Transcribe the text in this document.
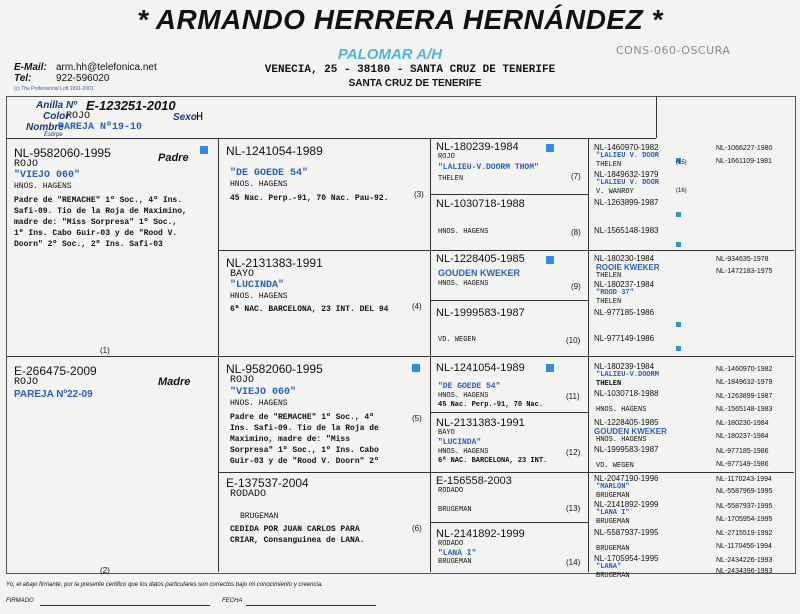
* ARMANDO HERRERA HERNÁNDEZ *
PALOMAR A/H	CONS-060-OSCURA
E-Mail: arm.hh@telefonica.net
Tel: 922-596020
(c) The Professional Loft 1991-2001
VENECIA, 25 - 38180 - SANTA CRUZ DE TENERIFE
SANTA CRUZ DE TENERIFE
Anilla Nº E-123251-2010
Color
ROJO
Nombre
PAREJA Nº19-10
Estirpe
Sexo H
NL-9582060-1995	Padre
ROJO
"VIEJO 060"
HNOS. HAGENS
Padre de "REMACHE" 1º Soc., 4º Ins.
Safi-09. Tio de la Roja de Maximino,
madre de: "Miss Sorpresa" 1º Soc.,
1º Ins. Cabo Guir-03 y de "Rood V.
Doorn" 2º Soc., 2º Ins. Safi-03
(1)
E-266475-2009
ROJO	Madre
PAREJA Nº22-09
(2)
NL-1241054-1989
"DE GOEDE 54"
HNOS. HAGENS
45 Nac. Perp.-91, 70 Nac. Pau-92.	(3)
NL-2131383-1991
BAYO
"LUCINDA"
HNOS. HAGENS
6ª NAC. BARCELONA, 23 INT. DEL 94	(4)
NL-9582060-1995
ROJO
"VIEJO 060"
HNOS. HAGENS
Padre de "REMACHE" 1º Soc., 4º
Ins. Safi-09. Tio de la Roja de
Maximino, madre de: "Miss
Sorpresa" 1º Soc., 1º Ins. Cabo
Guir-03 y de "Rood V. Doorn" 2º
(5)
E-137537-2004
RODADO
BRUGEMAN
CEDIDA POR JUAN CARLOS PARA
CRIAR, Consanguinea de LANA.
(6)
NL-180239-1984
ROJO
"LALIEU-V.DOORM THOM"
THELEN	(7)
NL-1030718-1988
HNOS. HAGENS	(8)
NL-1228405-1985
GOUDEN KWEKER
HNOS. HAGENS	(9)
NL-1999583-1987
VD. WEGEN	(10)
NL-1241054-1989
"DE GOEDE 54"
HNOS. HAGENS
45 Nac. Perp.-91, 70 Nac.
(11)
NL-2131383-1991
BAYO
"LUCINDA"
HNOS. HAGENS
6ª NAC. BARCELONA, 23 INT.
(12)
E-156558-2003
RODADO
BRUGEMAN	(13)
NL-2141892-1999
RODADO
"LANA I"
BRUGEMAN	(14)
NL-1460970-1982
"LALIEU V. DOOR
THELEN	(15)
NL-1849632-1979
"LALIEU V. DOOR
V. WANROY	(16)
NL-1263899-1987
NL-1565148-1983
NL-180230-1984
ROOIE KWEKER
THELEN
NL-180237-1984
"ROOD 37"
THELEN
NL-977185-1986
NL-977149-1986
NL-180239-1984
"LALIEU-V.DOORM
THELEN
NL-1030718-1988
HNOS. HAGENS
NL-1228405-1985
GOUDEN KWEKER
HNOS. HAGENS
NL-1999583-1987
VD. WEGEN
NL-2047190-1996
"MARLON"
BRUGEMAN
NL-2141892-1999
"LANA I"
BRUGEMAN
NL-5587937-1995
BRUGEMAN
NL-1705954-1995
"LANA"
BRUGEMAN
NL-1066227-1980
NL-1661109-1981
NL-934635-1978
NL-1472183-1975
NL-1460970-1982
NL-1849632-1979
NL-1263899-1987
NL-1565148-1983
NL-180230-1984
NL-180237-1984
NL-977185-1986
NL-977149-1986
NL-1170243-1994
NL-5587969-1995
NL-5587937-1995
NL-1705954-1995
NL-2715519-1992
NL-1170456-1994
NL-2434226-1993
NL-2434396-1993
Yo, el abajo firmante, por la presente certifico que los datos particulares son correctos bajo mi conocimiento y creencia.
FIRMADO	FECHA
